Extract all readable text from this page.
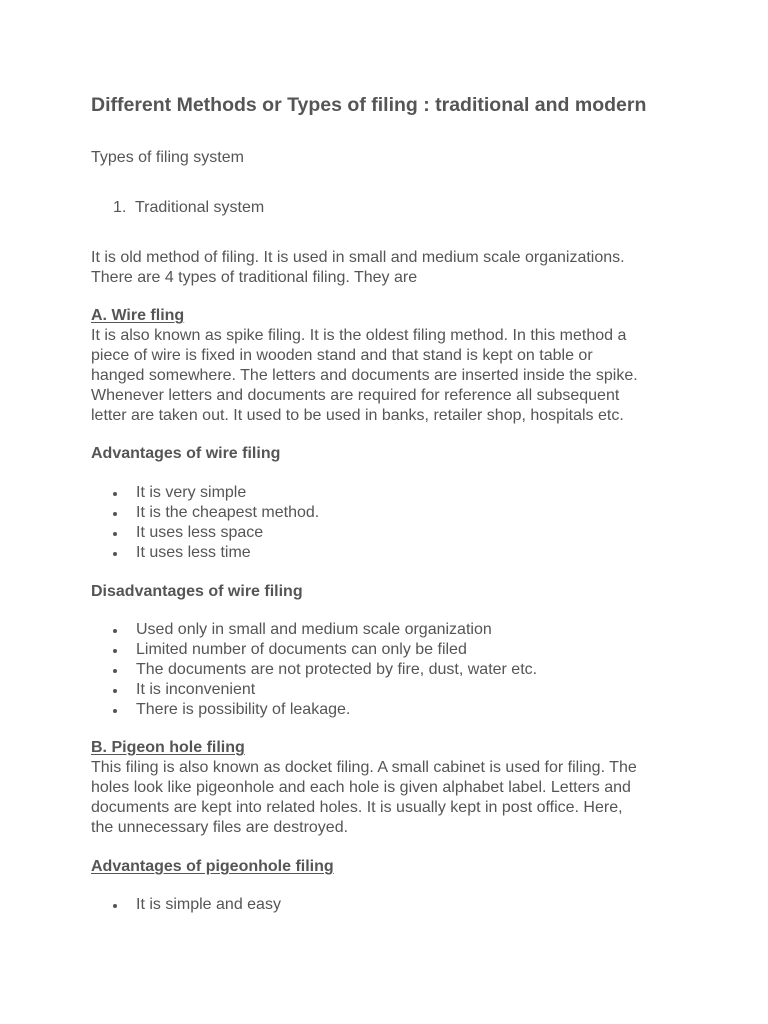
Different Methods or Types of filing : traditional and modern

Types of filing system

1. Traditional system

It is old method of filing. It is used in small and medium scale organizations.
There are 4 types of traditional filing. They are

A. Wire fling

It is also known as spike filing. It is the oldest filing method. In this method a
piece of wire is fixed in wooden stand and that stand is kept on table or
hanged somewhere. The letters and documents are inserted inside the spike.
Whenever letters and documents are required for reference all subsequent
letter are taken out. It used to be used in banks, retailer shop, hospitals etc.

Advantages of wire filing
It is very simple
It is the cheapest method.
It uses less space
It uses less time
Disadvantages of wire filing
Used only in small and medium scale organization
Limited number of documents can only be filed
The documents are not protected by fire, dust, water etc.
It is inconvenient
There is possibility of leakage.
B. Pigeon hole filing

This filing is also known as docket filing. A small cabinet is used for filing. The
holes look like pigeonhole and each hole is given alphabet label. Letters and
documents are kept into related holes. It is usually kept in post office. Here,
the unnecessary files are destroyed.

Advantages of pigeonhole filing
It is simple and easy
